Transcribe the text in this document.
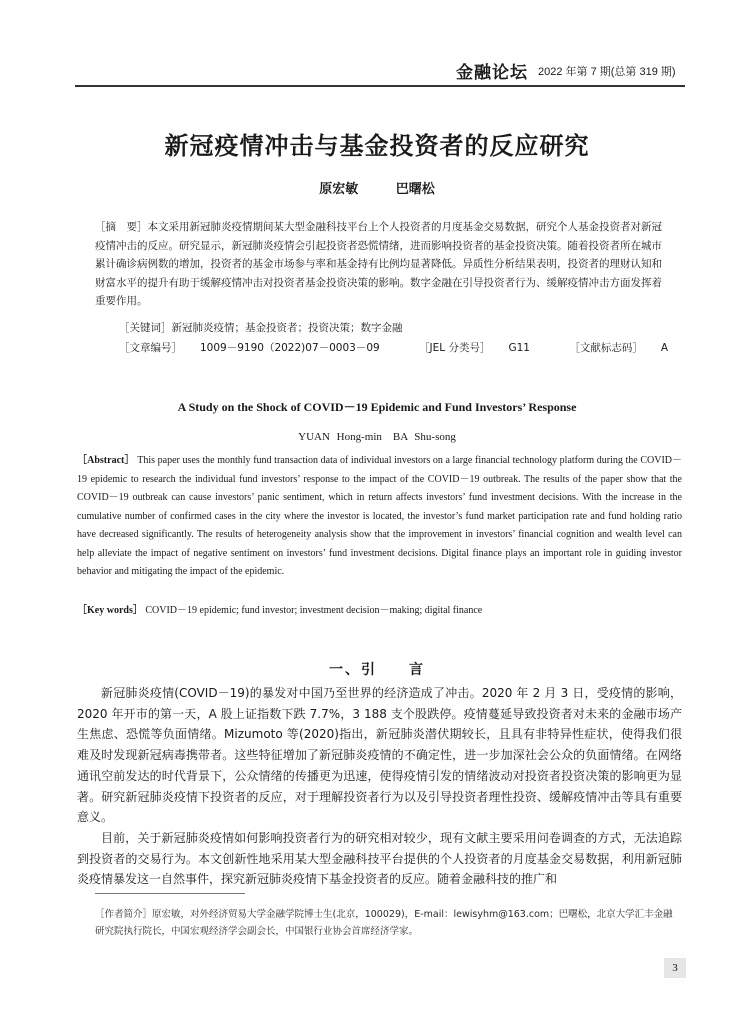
金融论坛 2022 年第 7 期(总第 319 期)
新冠疫情冲击与基金投资者的反应研究
原宏敏　 巴曙松
［摘　要］本文采用新冠肺炎疫情期间某大型金融科技平台上个人投资者的月度基金交易数据，研究个人基金投资者对新冠疫情冲击的反应。研究显示，新冠肺炎疫情会引起投资者恐慌情绪，进而影响投资者的基金投资决策。随着投资者所在城市累计确诊病例数的增加，投资者的基金市场参与率和基金持有比例均显著降低。异质性分析结果表明，投资者的理财认知和财富水平的提升有助于缓解疫情冲击对投资者基金投资决策的影响。数字金融在引导投资者行为、缓解疫情冲击方面发挥着重要作用。
［关键词］新冠肺炎疫情；基金投资者；投资决策；数字金融
［文章编号］ 1009－9190（2022)07－0003－09	［JEL 分类号］ G11	［文献标志码］ A
A Study on the Shock of COVID－19 Epidemic and Fund Investors’ Response
YUAN Hong-min　BA Shu-song
［Abstract］ This paper uses the monthly fund transaction data of individual investors on a large financial technology platform during the COVID－19 epidemic to research the individual fund investors’ response to the impact of the COVID－19 outbreak. The results of the paper show that the COVID－19 outbreak can cause investors’ panic sentiment, which in return affects investors’ fund investment decisions. With the increase in the cumulative number of confirmed cases in the city where the investor is located, the investor’s fund market participation rate and fund holding ratio have decreased significantly. The results of heterogeneity analysis show that the improvement in investors’ financial cognition and wealth level can help alleviate the impact of negative sentiment on investors’ fund investment decisions. Digital finance plays an important role in guiding investor behavior and mitigating the impact of the epidemic.
［Key words］ COVID－19 epidemic; fund investor; investment decision－making; digital finance
一、引　　言

新冠肺炎疫情(COVID－19)的暴发对中国乃至世界的经济造成了冲击。2020 年 2 月 3 日，受疫情的影响，2020 年开市的第一天，A 股上证指数下跌 7.7%，3 188 支个股跌停。疫情蔓延导致投资者对未来的金融市场产生焦虑、恐慌等负面情绪。Mizumoto 等(2020)指出，新冠肺炎潜伏期较长，且具有非特异性症状，使得我们很难及时发现新冠病毒携带者。这些特征增加了新冠肺炎疫情的不确定性，进一步加深社会公众的负面情绪。在网络通讯空前发达的时代背景下，公众情绪的传播更为迅速，使得疫情引发的情绪波动对投资者投资决策的影响更为显著。研究新冠肺炎疫情下投资者的反应，对于理解投资者行为以及引导投资者理性投资、缓解疫情冲击等具有重要意义。

目前，关于新冠肺炎疫情如何影响投资者行为的研究相对较少，现有文献主要采用问卷调查的方式，无法追踪到投资者的交易行为。本文创新性地采用某大型金融科技平台提供的个人投资者的月度基金交易数据，利用新冠肺炎疫情暴发这一自然事件，探究新冠肺炎疫情下基金投资者的反应。随着金融科技的推广和

［作者简介］原宏敏，对外经济贸易大学金融学院博士生(北京，100029)，E-mail：lewisyhm@163.com；巴曙松，北京大学汇丰金融研究院执行院长，中国宏观经济学会副会长，中国银行业协会首席经济学家。
3
